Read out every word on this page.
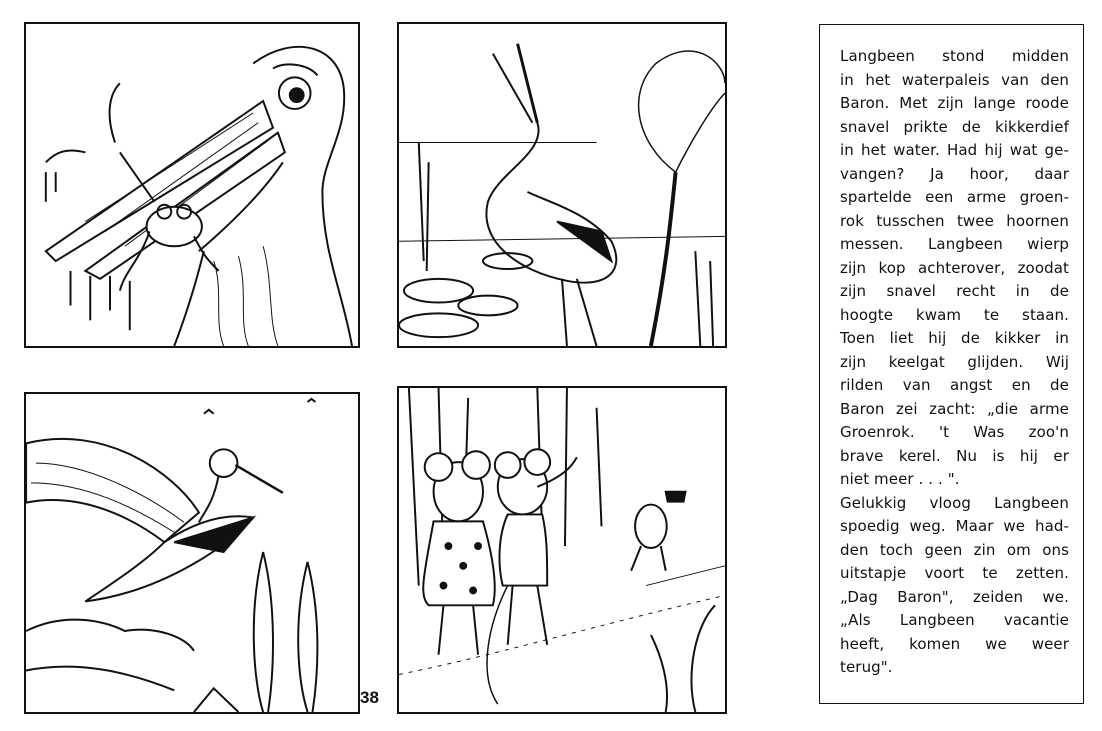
38

Langbeen stond midden
in het waterpaleis van den
Baron. Met zijn lange roode
snavel prikte de kikkerdief
in het water. Had hij wat ge-
vangen? Ja hoor, daar
spartelde een arme groen-
rok tusschen twee hoornen
messen. Langbeen wierp
zijn kop achterover, zoodat
zijn snavel recht in de
hoogte kwam te staan.
Toen liet hij de kikker in
zijn keelgat glijden. Wij
rilden van angst en de
Baron zei zacht: „die arme
Groenrok. 't Was zoo'n
brave kerel. Nu is hij er
niet meer . . . ".

Gelukkig vloog Langbeen
spoedig weg. Maar we had-
den toch geen zin om ons
uitstapje voort te zetten.
„Dag Baron", zeiden we.
„Als Langbeen vacantie
heeft, komen we weer
terug".
